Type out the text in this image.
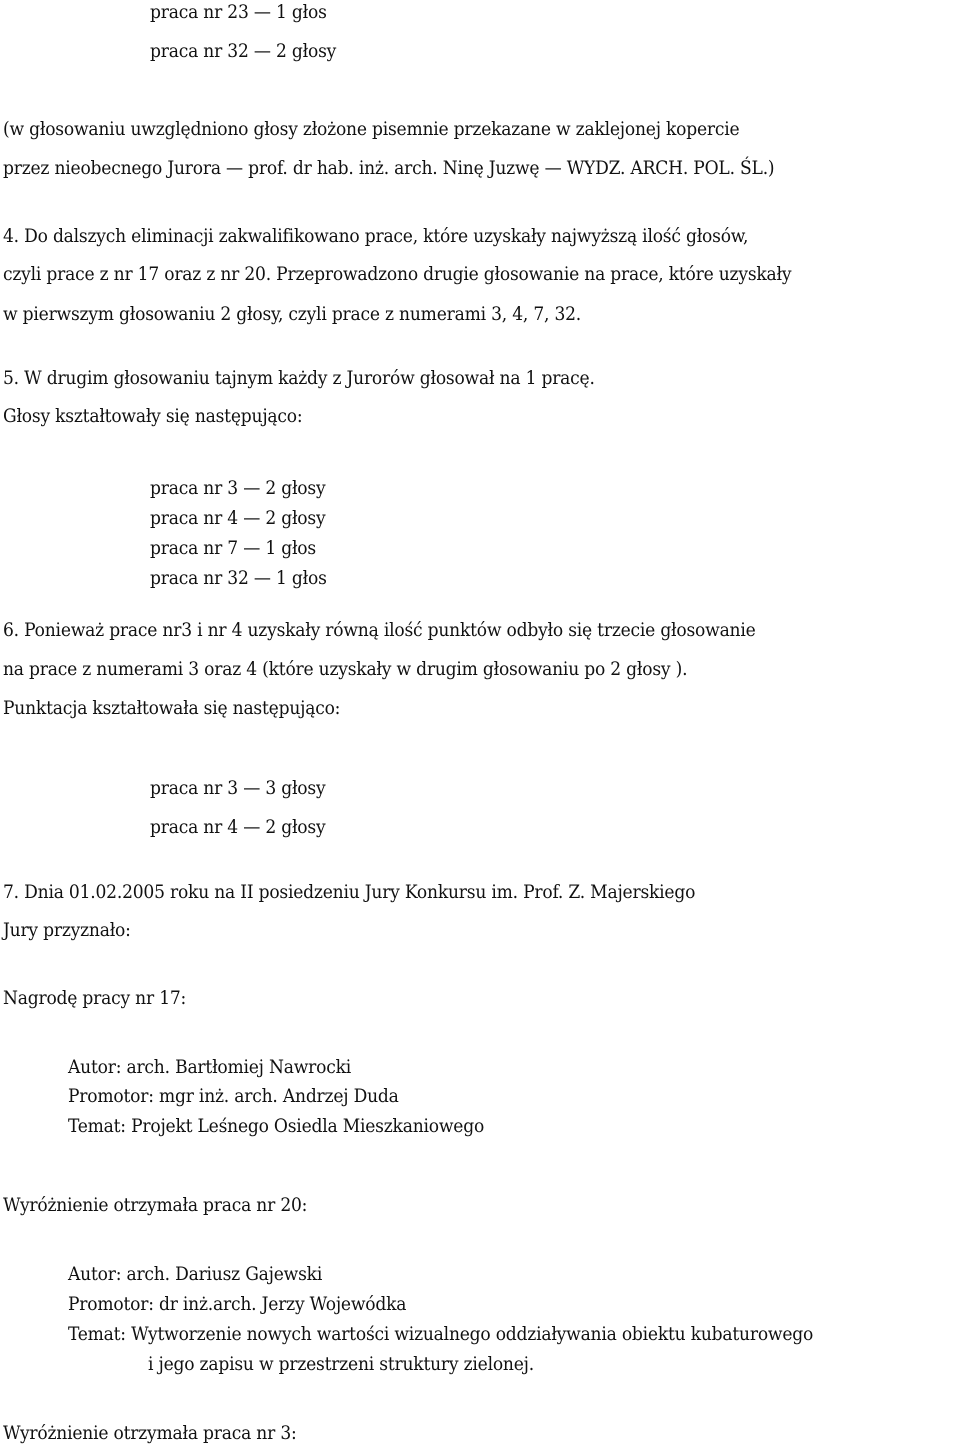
praca nr 23 — 1 głos
praca nr 32 — 2 głosy
(w głosowaniu uwzględniono głosy złożone pisemnie przekazane w zaklejonej kopercie
przez nieobecnego Jurora — prof. dr hab. inż. arch. Ninę Juzwę — WYDZ. ARCH. POL. ŚL.)
4. Do dalszych eliminacji zakwalifikowano prace, które uzyskały najwyższą ilość głosów,
czyli prace z nr 17 oraz z nr 20. Przeprowadzono drugie głosowanie na prace, które uzyskały
w pierwszym głosowaniu 2 głosy, czyli prace z numerami 3, 4, 7, 32.
5. W drugim głosowaniu tajnym każdy z Jurorów głosował na 1 pracę.
Głosy kształtowały się następująco:
praca nr 3 — 2 głosy
praca nr 4 — 2 głosy
praca nr 7 — 1 głos
praca nr 32 — 1 głos
6. Ponieważ prace nr3 i nr 4 uzyskały równą ilość punktów odbyło się trzecie głosowanie
na prace z numerami 3 oraz 4 (które uzyskały w drugim głosowaniu po 2 głosy ).
Punktacja kształtowała się następująco:
praca nr 3 — 3 głosy
praca nr 4 — 2 głosy
7. Dnia 01.02.2005 roku na II posiedzeniu Jury Konkursu im. Prof. Z. Majerskiego
Jury przyznało:
Nagrodę pracy nr 17:
Autor: arch. Bartłomiej Nawrocki
Promotor: mgr inż. arch. Andrzej Duda
Temat: Projekt Leśnego Osiedla Mieszkaniowego
Wyróżnienie otrzymała praca nr 20:
Autor: arch. Dariusz Gajewski
Promotor: dr inż.arch. Jerzy Wojewódka
Temat: Wytworzenie nowych wartości wizualnego oddziaływania obiektu kubaturowego
i jego zapisu w przestrzeni struktury zielonej.
Wyróżnienie otrzymała praca nr 3:
